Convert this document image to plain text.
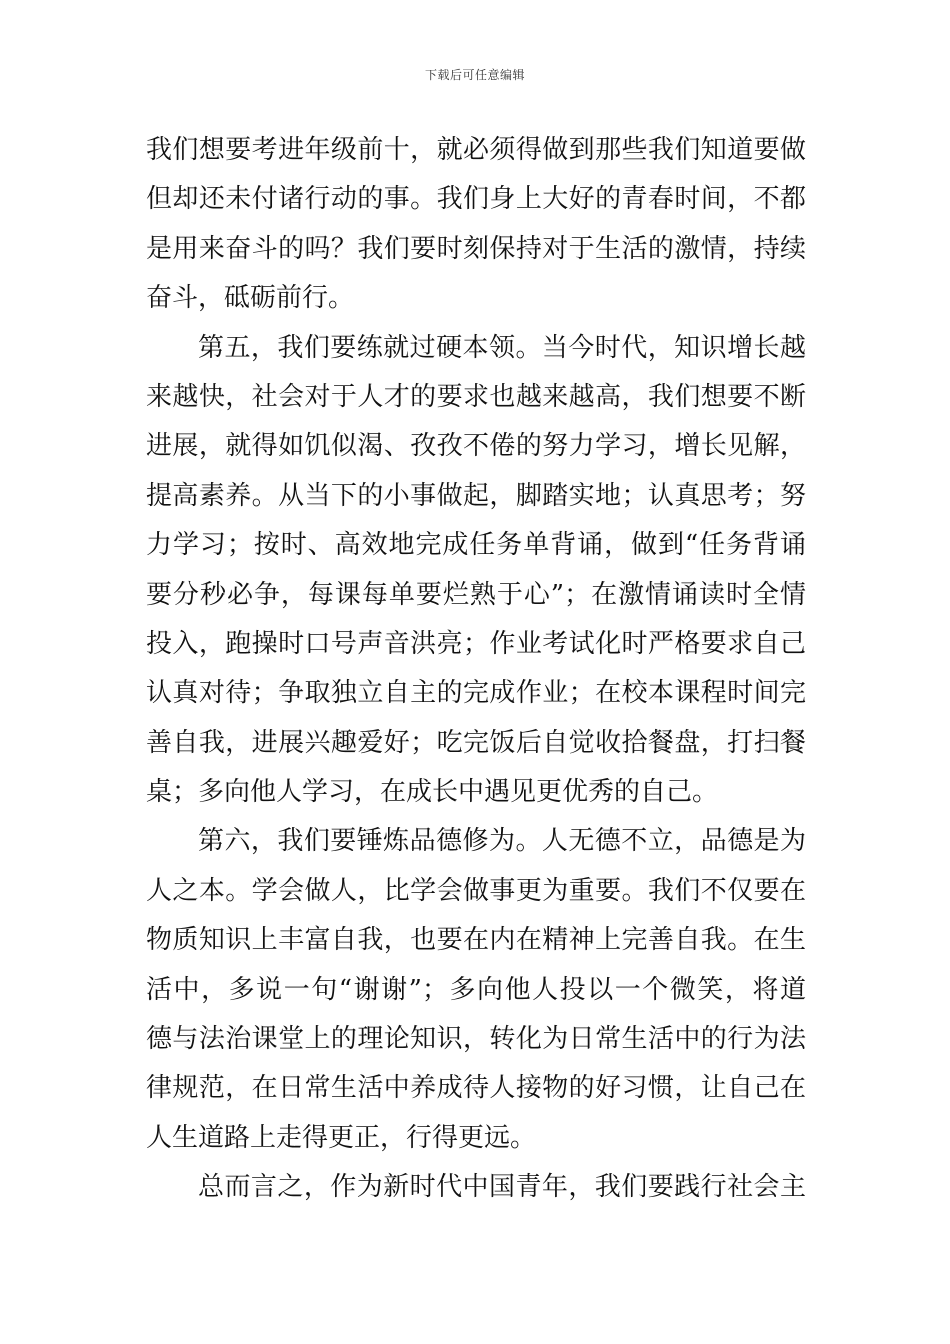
下载后可任意编辑
我们想要考进年级前十，就必须得做到那些我们知道要做
但却还未付诸行动的事。我们身上大好的青春时间，不都
是用来奋斗的吗？我们要时刻保持对于生活的激情，持续
奋斗，砥砺前行。
第五，我们要练就过硬本领。当今时代，知识增长越
来越快，社会对于人才的要求也越来越高，我们想要不断
进展，就得如饥似渴、孜孜不倦的努力学习，增长见解，
提高素养。从当下的小事做起，脚踏实地；认真思考；努
力学习；按时、高效地完成任务单背诵，做到“任务背诵
要分秒必争，每课每单要烂熟于心”；在激情诵读时全情
投入，跑操时口号声音洪亮；作业考试化时严格要求自己
认真对待；争取独立自主的完成作业；在校本课程时间完
善自我，进展兴趣爱好；吃完饭后自觉收拾餐盘，打扫餐
桌；多向他人学习，在成长中遇见更优秀的自己。
第六，我们要锤炼品德修为。人无德不立，品德是为
人之本。学会做人，比学会做事更为重要。我们不仅要在
物质知识上丰富自我，也要在内在精神上完善自我。在生
活中，多说一句“谢谢”；多向他人投以一个微笑，将道
德与法治课堂上的理论知识，转化为日常生活中的行为法
律规范，在日常生活中养成待人接物的好习惯，让自己在
人生道路上走得更正，行得更远。
总而言之，作为新时代中国青年，我们要践行社会主
